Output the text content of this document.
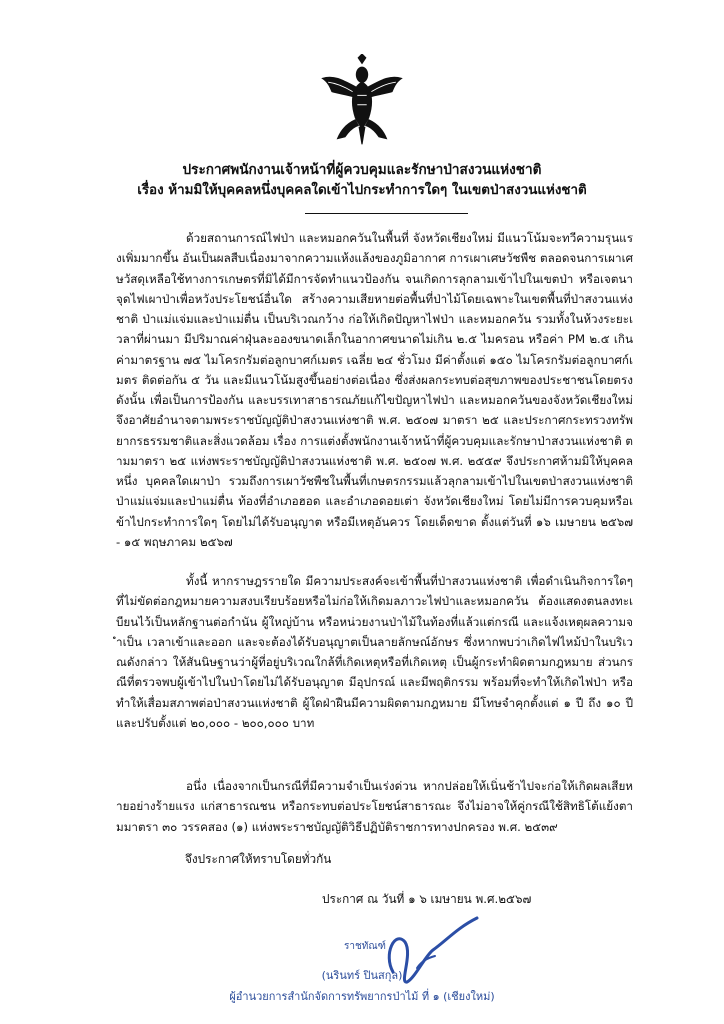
ประกาศพนักงานเจ้าหน้าที่ผู้ควบคุมและรักษาป่าสงวนแห่งชาติ
เรื่อง ห้ามมิให้บุคคลหนึ่งบุคคลใดเข้าไปกระทำการใดๆ ในเขตป่าสงวนแห่งชาติ

ด้วยสถานการณ์ไฟป่า และหมอกควันในพื้นที่ จังหวัดเชียงใหม่ มีแนวโน้มจะทวีความรุนแรงเพิ่มมากขึ้น อันเป็นผลสืบเนื่องมาจากความแห้งแล้งของภูมิอากาศ การเผาเศษวัชพืช ตลอดจนการเผาเศษวัสดุเหลือใช้ทางการเกษตรที่มิได้มีการจัดทำแนวป้องกัน จนเกิดการลุกลามเข้าไปในเขตป่า หรือเจตนาจุดไฟเผาป่าเพื่อหวังประโยชน์อื่นใด สร้างความเสียหายต่อพื้นที่ป่าไม้โดยเฉพาะในเขตพื้นที่ป่าสงวนแห่งชาติ ป่าแม่แจ่มและป่าแม่ตื่น เป็นบริเวณกว้าง ก่อให้เกิดปัญหาไฟป่า และหมอกควัน รวมทั้งในห้วงระยะเวลาที่ผ่านมา มีปริมาณค่าฝุ่นละอองขนาดเล็กในอากาศขนาดไม่เกิน ๒.๕ ไมครอน หรือค่า PM ๒.๕ เกินค่ามาตรฐาน ๗๕ ไมโครกรัมต่อลูกบาศก์เมตร เฉลี่ย ๒๔ ชั่วโมง มีค่าตั้งแต่ ๑๕๐ ไมโครกรัมต่อลูกบาศก์เมตร ติดต่อกัน ๕ วัน และมีแนวโน้มสูงขึ้นอย่างต่อเนื่อง ซึ่งส่งผลกระทบต่อสุขภาพของประชาชนโดยตรง ดังนั้น เพื่อเป็นการป้องกัน และบรรเทาสาธารณภัยแก้ไขปัญหาไฟป่า และหมอกควันของจังหวัดเชียงใหม่ จึงอาศัยอำนาจตามพระราชบัญญัติป่าสงวนแห่งชาติ พ.ศ. ๒๕๐๗ มาตรา ๒๕ และประกาศกระทรวงทรัพยากรธรรมชาติและสิ่งแวดล้อม เรื่อง การแต่งตั้งพนักงานเจ้าหน้าที่ผู้ควบคุมและรักษาป่าสงวนแห่งชาติ ตามมาตรา ๒๕ แห่งพระราชบัญญัติป่าสงวนแห่งชาติ พ.ศ. ๒๕๐๗ พ.ศ. ๒๕๕๙ จึงประกาศห้ามมิให้บุคคลหนึ่ง บุคคลใดเผาป่า รวมถึงการเผาวัชพืชในพื้นที่เกษตรกรรมแล้วลุกลามเข้าไปในเขตป่าสงวนแห่งชาติ ป่าแม่แจ่มและป่าแม่ตื่น ท้องที่อำเภอฮอด และอำเภอดอยเต่า จังหวัดเชียงใหม่ โดยไม่มีการควบคุมหรือเข้าไปกระทำการใดๆ โดยไม่ได้รับอนุญาต หรือมีเหตุอันควร โดยเด็ดขาด ตั้งแต่วันที่ ๑๖ เมษายน ๒๕๖๗ - ๑๕ พฤษภาคม ๒๕๖๗

ทั้งนี้ หากราษฎรรายใด มีความประสงค์จะเข้าพื้นที่ป่าสงวนแห่งชาติ เพื่อดำเนินกิจการใดๆ ที่ไม่ขัดต่อกฎหมายความสงบเรียบร้อยหรือไม่ก่อให้เกิดมลภาวะไฟป่าและหมอกควัน ต้องแสดงตนลงทะเบียนไว้เป็นหลักฐานต่อกำนัน ผู้ใหญ่บ้าน หรือหน่วยงานป่าไม้ในท้องที่แล้วแต่กรณี และแจ้งเหตุผลความจำเป็น เวลาเข้าและออก และจะต้องได้รับอนุญาตเป็นลายลักษณ์อักษร ซึ่งหากพบว่าเกิดไฟไหม้ป่าในบริเวณดังกล่าว ให้สันนิษฐานว่าผู้ที่อยู่บริเวณใกล้ที่เกิดเหตุหรือที่เกิดเหตุ เป็นผู้กระทำผิดตามกฎหมาย ส่วนกรณีที่ตรวจพบผู้เข้าไปในป่าโดยไม่ได้รับอนุญาต มีอุปกรณ์ และมีพฤติกรรม พร้อมที่จะทำให้เกิดไฟป่า หรือทำให้เสื่อมสภาพต่อป่าสงวนแห่งชาติ ผู้ใดฝ่าฝืนมีความผิดตามกฎหมาย มีโทษจำคุกตั้งแต่ ๑ ปี ถึง ๑๐ ปี และปรับตั้งแต่ ๒๐,๐๐๐ - ๒๐๐,๐๐๐ บาท

อนึ่ง เนื่องจากเป็นกรณีที่มีความจำเป็นเร่งด่วน หากปล่อยให้เนิ่นช้าไปจะก่อให้เกิดผลเสียหายอย่างร้ายแรง แก่สาธารณชน หรือกระทบต่อประโยชน์สาธารณะ จึงไม่อาจให้คู่กรณีใช้สิทธิโต้แย้งตามมาตรา ๓๐ วรรคสอง (๑) แห่งพระราชบัญญัติวิธีปฏิบัติราชการทางปกครอง พ.ศ. ๒๕๓๙

จึงประกาศให้ทราบโดยทั่วกัน
ประกาศ ณ วันที่ ๑ ๖ เมษายน พ.ศ.๒๕๖๗
ราชทัณฑ์
(นรินทร์ ปินสกุล)
ผู้อำนวยการสำนักจัดการทรัพยากรป่าไม้ ที่ ๑ (เชียงใหม่)
